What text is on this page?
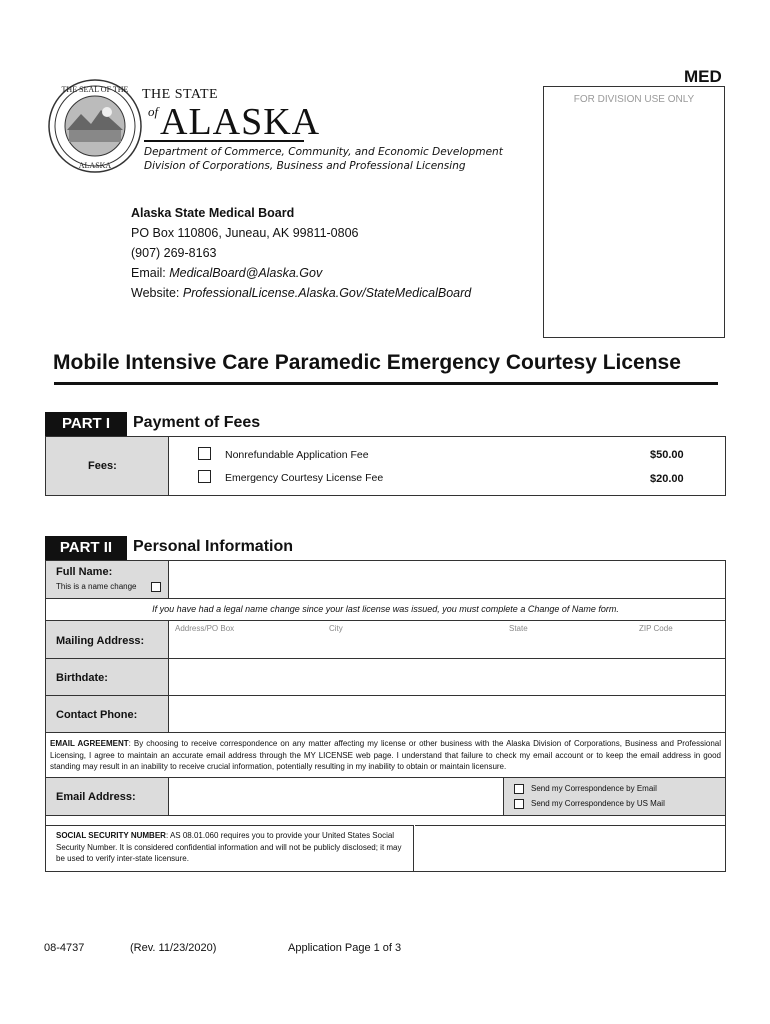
THE SEAL OF THE
ALASKA
THE STATE
of ALASKA
Department of Commerce, Community, and Economic Development
Division of Corporations, Business and Professional Licensing
Alaska State Medical Board
PO Box 110806, Juneau, AK 99811-0806
(907) 269-8163
Email: MedicalBoard@Alaska.Gov
Website: ProfessionalLicense.Alaska.Gov/StateMedicalBoard
MED
FOR DIVISION USE ONLY
Mobile Intensive Care Paramedic Emergency Courtesy License
PART I	Payment of Fees
Fees:
Nonrefundable Application Fee	$50.00
Emergency Courtesy License Fee	$20.00
PART II	Personal Information
Full Name:
This is a name change
If you have had a legal name change since your last license was issued, you must complete a Change of Name form.
Mailing Address:
Address/PO Box	City	State	ZIP Code
Birthdate:
Contact Phone:
EMAIL AGREEMENT: By choosing to receive correspondence on any matter affecting my license or other business with the Alaska Division of Corporations, Business and Professional Licensing, I agree to maintain an accurate email address through the MY LICENSE web page. I understand that failure to check my email account or to keep the email address in good standing may result in an inability to receive crucial information, potentially resulting in my inability to obtain or maintain licensure.
Email Address:
Send my Correspondence by Email
Send my Correspondence by US Mail
SOCIAL SECURITY NUMBER: AS 08.01.060 requires you to provide your United States Social Security Number. It is considered confidential information and will not be publicly disclosed; it may be used to verify inter-state licensure.
08-4737	(Rev. 11/23/2020)	Application Page 1 of 3
